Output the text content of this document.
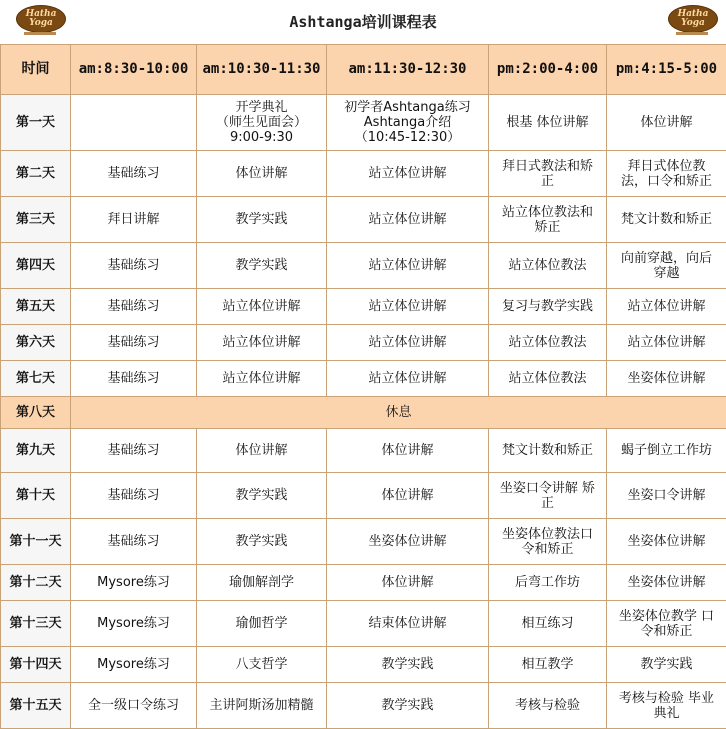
Hatha
Yoga	Ashtanga培训课程表	Hatha
Yoga
时间	am:8:30-10:00	am:10:30-11:30	am:11:30-12:30	pm:2:00-4:00	pm:4:15-5:00
第一天		开学典礼
（师生见面会）
9:00-9:30	初学者Ashtanga练习
Ashtanga介绍
（10:45-12:30）	根基 体位讲解	体位讲解

第二天	基础练习	体位讲解	站立体位讲解	拜日式教法和矫
正	拜日式体位教
法，口令和矫正

第三天	拜日讲解	教学实践	站立体位讲解	站立体位教法和
矫正	梵文计数和矫正

第四天	基础练习	教学实践	站立体位讲解	站立体位教法	向前穿越，向后
穿越

第五天	基础练习	站立体位讲解	站立体位讲解	复习与教学实践	站立体位讲解

第六天	基础练习	站立体位讲解	站立体位讲解	站立体位教法	站立体位讲解

第七天	基础练习	站立体位讲解	站立体位讲解	站立体位教法	坐姿体位讲解

第八天	休息				
第九天	基础练习	体位讲解	体位讲解	梵文计数和矫正	蝎子倒立工作坊

第十天	基础练习	教学实践	体位讲解	坐姿口令讲解 矫
正	坐姿口令讲解

第十一天	基础练习	教学实践	坐姿体位讲解	坐姿体位教法口
令和矫正	坐姿体位讲解

第十二天	Mysore练习	瑜伽解剖学	体位讲解	后弯工作坊	坐姿体位讲解

第十三天	Mysore练习	瑜伽哲学	结束体位讲解	相互练习	坐姿体位教学 口
令和矫正

第十四天	Mysore练习	八支哲学	教学实践	相互教学	教学实践

第十五天	全一级口令练习	主讲阿斯汤加精髓	教学实践	考核与检验	考核与检验 毕业
典礼
